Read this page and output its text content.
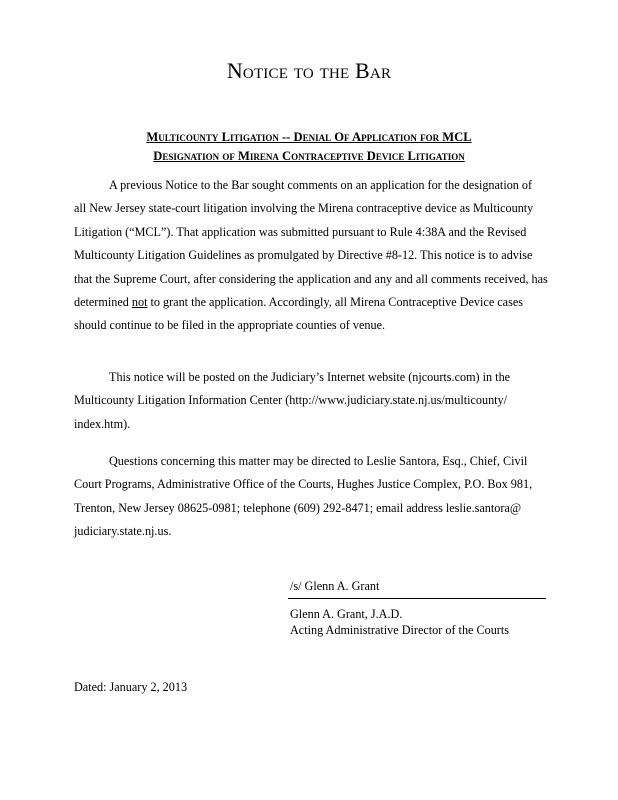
Notice to the Bar
Multicounty Litigation -- Denial Of Application for MCL
Designation of Mirena Contraceptive Device Litigation
A previous Notice to the Bar sought comments on an application for the designation of
all New Jersey state-court litigation involving the Mirena contraceptive device as Multicounty
Litigation (“MCL”). That application was submitted pursuant to Rule 4:38A and the Revised
Multicounty Litigation Guidelines as promulgated by Directive #8-12. This notice is to advise
that the Supreme Court, after considering the application and any and all comments received, has
determined not to grant the application. Accordingly, all Mirena Contraceptive Device cases
should continue to be filed in the appropriate counties of venue.
This notice will be posted on the Judiciary’s Internet website (njcourts.com) in the
Multicounty Litigation Information Center (http://www.judiciary.state.nj.us/multicounty/
index.htm).
Questions concerning this matter may be directed to Leslie Santora, Esq., Chief, Civil
Court Programs, Administrative Office of the Courts, Hughes Justice Complex, P.O. Box 981,
Trenton, New Jersey 08625-0981; telephone (609) 292-8471; email address leslie.santora@
judiciary.state.nj.us.
/s/ Glenn A. Grant
Glenn A. Grant, J.A.D.
Acting Administrative Director of the Courts
Dated: January 2, 2013
